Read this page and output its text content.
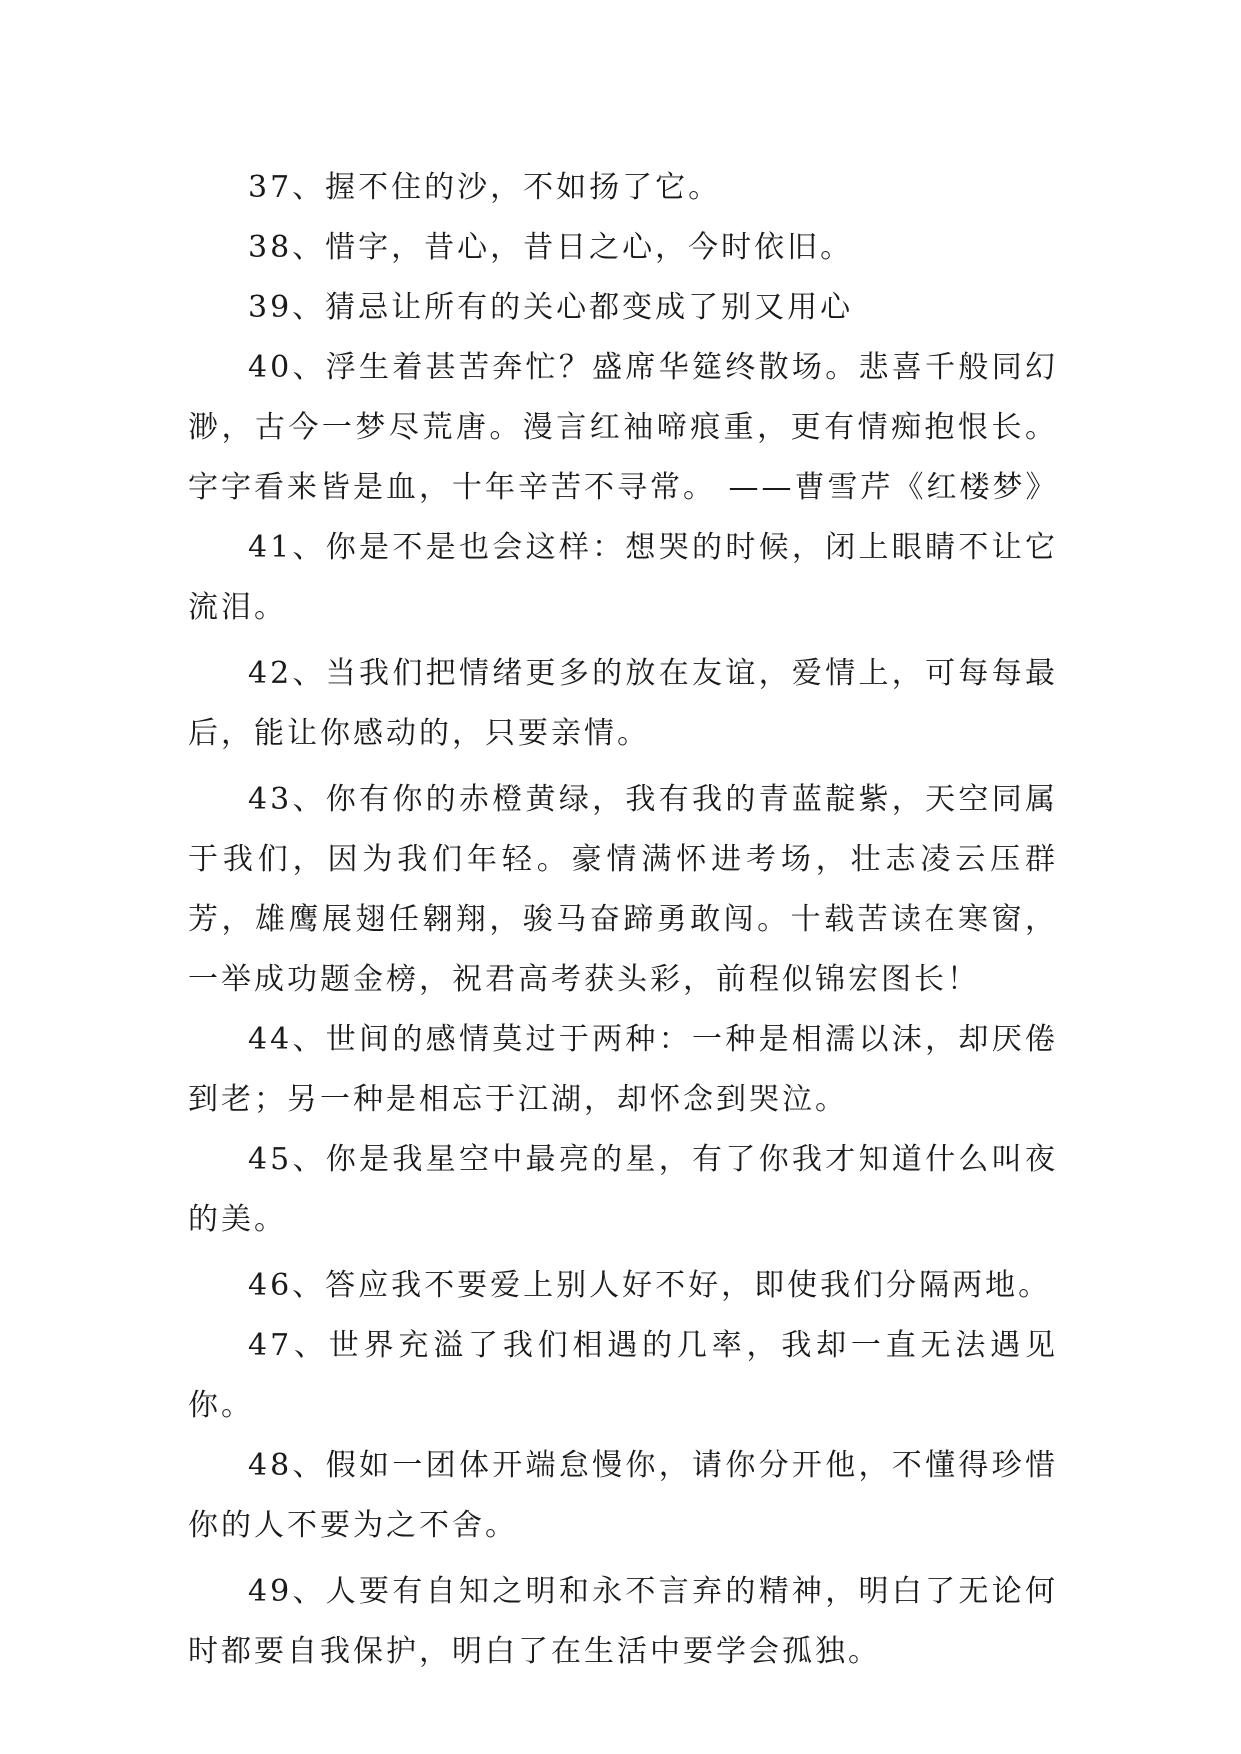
37、握不住的沙，不如扬了它。

38、惜字，昔心，昔日之心，今时依旧。

39、猜忌让所有的关心都变成了别又用心

40、浮生着甚苦奔忙？盛席华筵终散场。悲喜千般同幻渺，古今一梦尽荒唐。漫言红袖啼痕重，更有情痴抱恨长。字字看来皆是血，十年辛苦不寻常。 ——曹雪芹《红楼梦》

41、你是不是也会这样：想哭的时候，闭上眼睛不让它流泪。

42、当我们把情绪更多的放在友谊，爱情上，可每每最后，能让你感动的，只要亲情。

43、你有你的赤橙黄绿，我有我的青蓝靛紫，天空同属于我们，因为我们年轻。豪情满怀进考场，壮志凌云压群芳，雄鹰展翅任翱翔，骏马奋蹄勇敢闯。十载苦读在寒窗，一举成功题金榜，祝君高考获头彩，前程似锦宏图长！

44、世间的感情莫过于两种：一种是相濡以沫，却厌倦到老；另一种是相忘于江湖，却怀念到哭泣。

45、你是我星空中最亮的星，有了你我才知道什么叫夜的美。

46、答应我不要爱上别人好不好，即使我们分隔两地。

47、世界充溢了我们相遇的几率，我却一直无法遇见你。

48、假如一团体开端怠慢你，请你分开他，不懂得珍惜你的人不要为之不舍。

49、人要有自知之明和永不言弃的精神，明白了无论何时都要自我保护，明白了在生活中要学会孤独。
